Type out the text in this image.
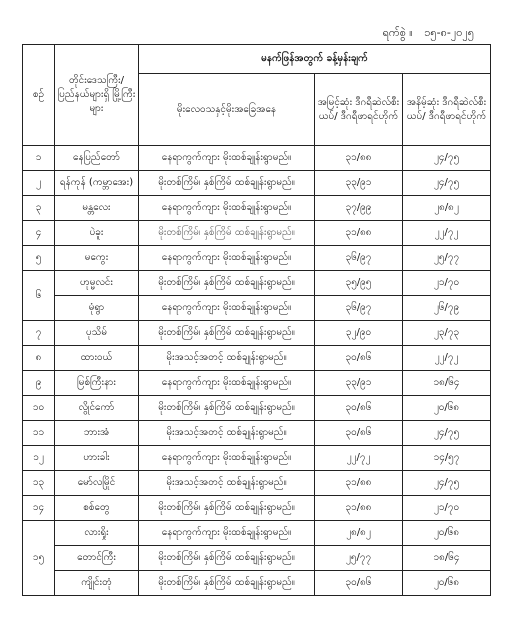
ရက်စွဲ ။ ၁၅-၈-၂၀၂၅
စဉ်	တိုင်းဒေသကြီး/ ပြည်နယ်များရှိ မြို့ကြီးများ	မနက်ဖြန်အတွက် ခန့်မှန်းချက်		
		မိုးလေဝသနှင့်မိုးအခြေအနေ	အမြင့်ဆုံး ဒီဂရီဆဲလ်စီးယပ်/ ဒီဂရီဖာရင်ဟိုက်	အနိမ့်ဆုံး ဒီဂရီဆဲလ်စီးယပ်/ ဒီဂရီဖာရင်ဟိုက်
၁	နေပြည်တော်	နေရာကွက်ကျား မိုးထစ်ချုန်းရွာမည်။	၃၁/၈၈	၂၄/၇၅
၂	ရန်ကုန် (ကမ္ဘာအေး)	မိုးတစ်ကြိမ်၊ နှစ်ကြိမ် ထစ်ချုန်းရွာမည်။	၃၃/၉၁	၂၄/၇၅
၃	မန္တလေး	နေရာကွက်ကျား မိုးထစ်ချုန်းရွာမည်။	၃၇/၉၉	၂၈/၈၂
၄	ပဲခူး	မိုးတစ်ကြိမ်၊ နှစ်ကြိမ် ထစ်ချုန်းရွာမည်။	၃၁/၈၈	၂၂/၇၂
၅	မကွေး	နေရာကွက်ကျား မိုးထစ်ချုန်းရွာမည်။	၃၆/၉၇	၂၅/၇၇
၆	ဟုမ္မလင်း	မိုးတစ်ကြိမ်၊ နှစ်ကြိမ် ထစ်ချုန်းရွာမည်။	၃၅/၉၅	၂၁/၇၀
	မုံရွာ	နေရာကွက်ကျား မိုးထစ်ချုန်းရွာမည်။	၃၆/၉၇	၂၆/၇၉
၇	ပုသိမ်	မိုးတစ်ကြိမ်၊ နှစ်ကြိမ် ထစ်ချုန်းရွာမည်။	၃၂/၉၀	၂၃/၇၃
၈	ထားဝယ်	မိုးအသင့်အတင့် ထစ်ချုန်းရွာမည်။	၃၀/၈၆	၂၂/၇၂
၉	မြစ်ကြီးနား	နေရာကွက်ကျား မိုးထစ်ချုန်းရွာမည်။	၃၃/၉၁	၁၈/၆၄
၁၀	လွိုင်ကော်	မိုးတစ်ကြိမ်၊ နှစ်ကြိမ် ထစ်ချုန်းရွာမည်။	၃၀/၈၆	၂၀/၆၈
၁၁	ဘားအံ	မိုးအသင့်အတင့် ထစ်ချုန်းရွာမည်။	၃၀/၈၆	၂၄/၇၅
၁၂	ဟားခါး	နေရာကွက်ကျား မိုးထစ်ချုန်းရွာမည်။	၂၂/၇၂	၁၄/၅၇
၁၃	မော်လမြိုင်	မိုးအသင့်အတင့် ထစ်ချုန်းရွာမည်။	၃၁/၈၈	၂၄/၇၅
၁၄	စစ်တွေ	မိုးတစ်ကြိမ်၊ နှစ်ကြိမ် ထစ်ချုန်းရွာမည်။	၃၁/၈၈	၂၁/၇၀
၁၅	လားရှိုး	နေရာကွက်ကျား မိုးထစ်ချုန်းရွာမည်။	၂၈/၈၂	၂၀/၆၈
	တောင်ကြီး	မိုးတစ်ကြိမ်၊ နှစ်ကြိမ် ထစ်ချုန်းရွာမည်။	၂၅/၇၇	၁၈/၆၄
	ကျိုင်းတုံ	မိုးတစ်ကြိမ်၊ နှစ်ကြိမ် ထစ်ချုန်းရွာမည်။	၃၀/၈၆	၂၀/၆၈
